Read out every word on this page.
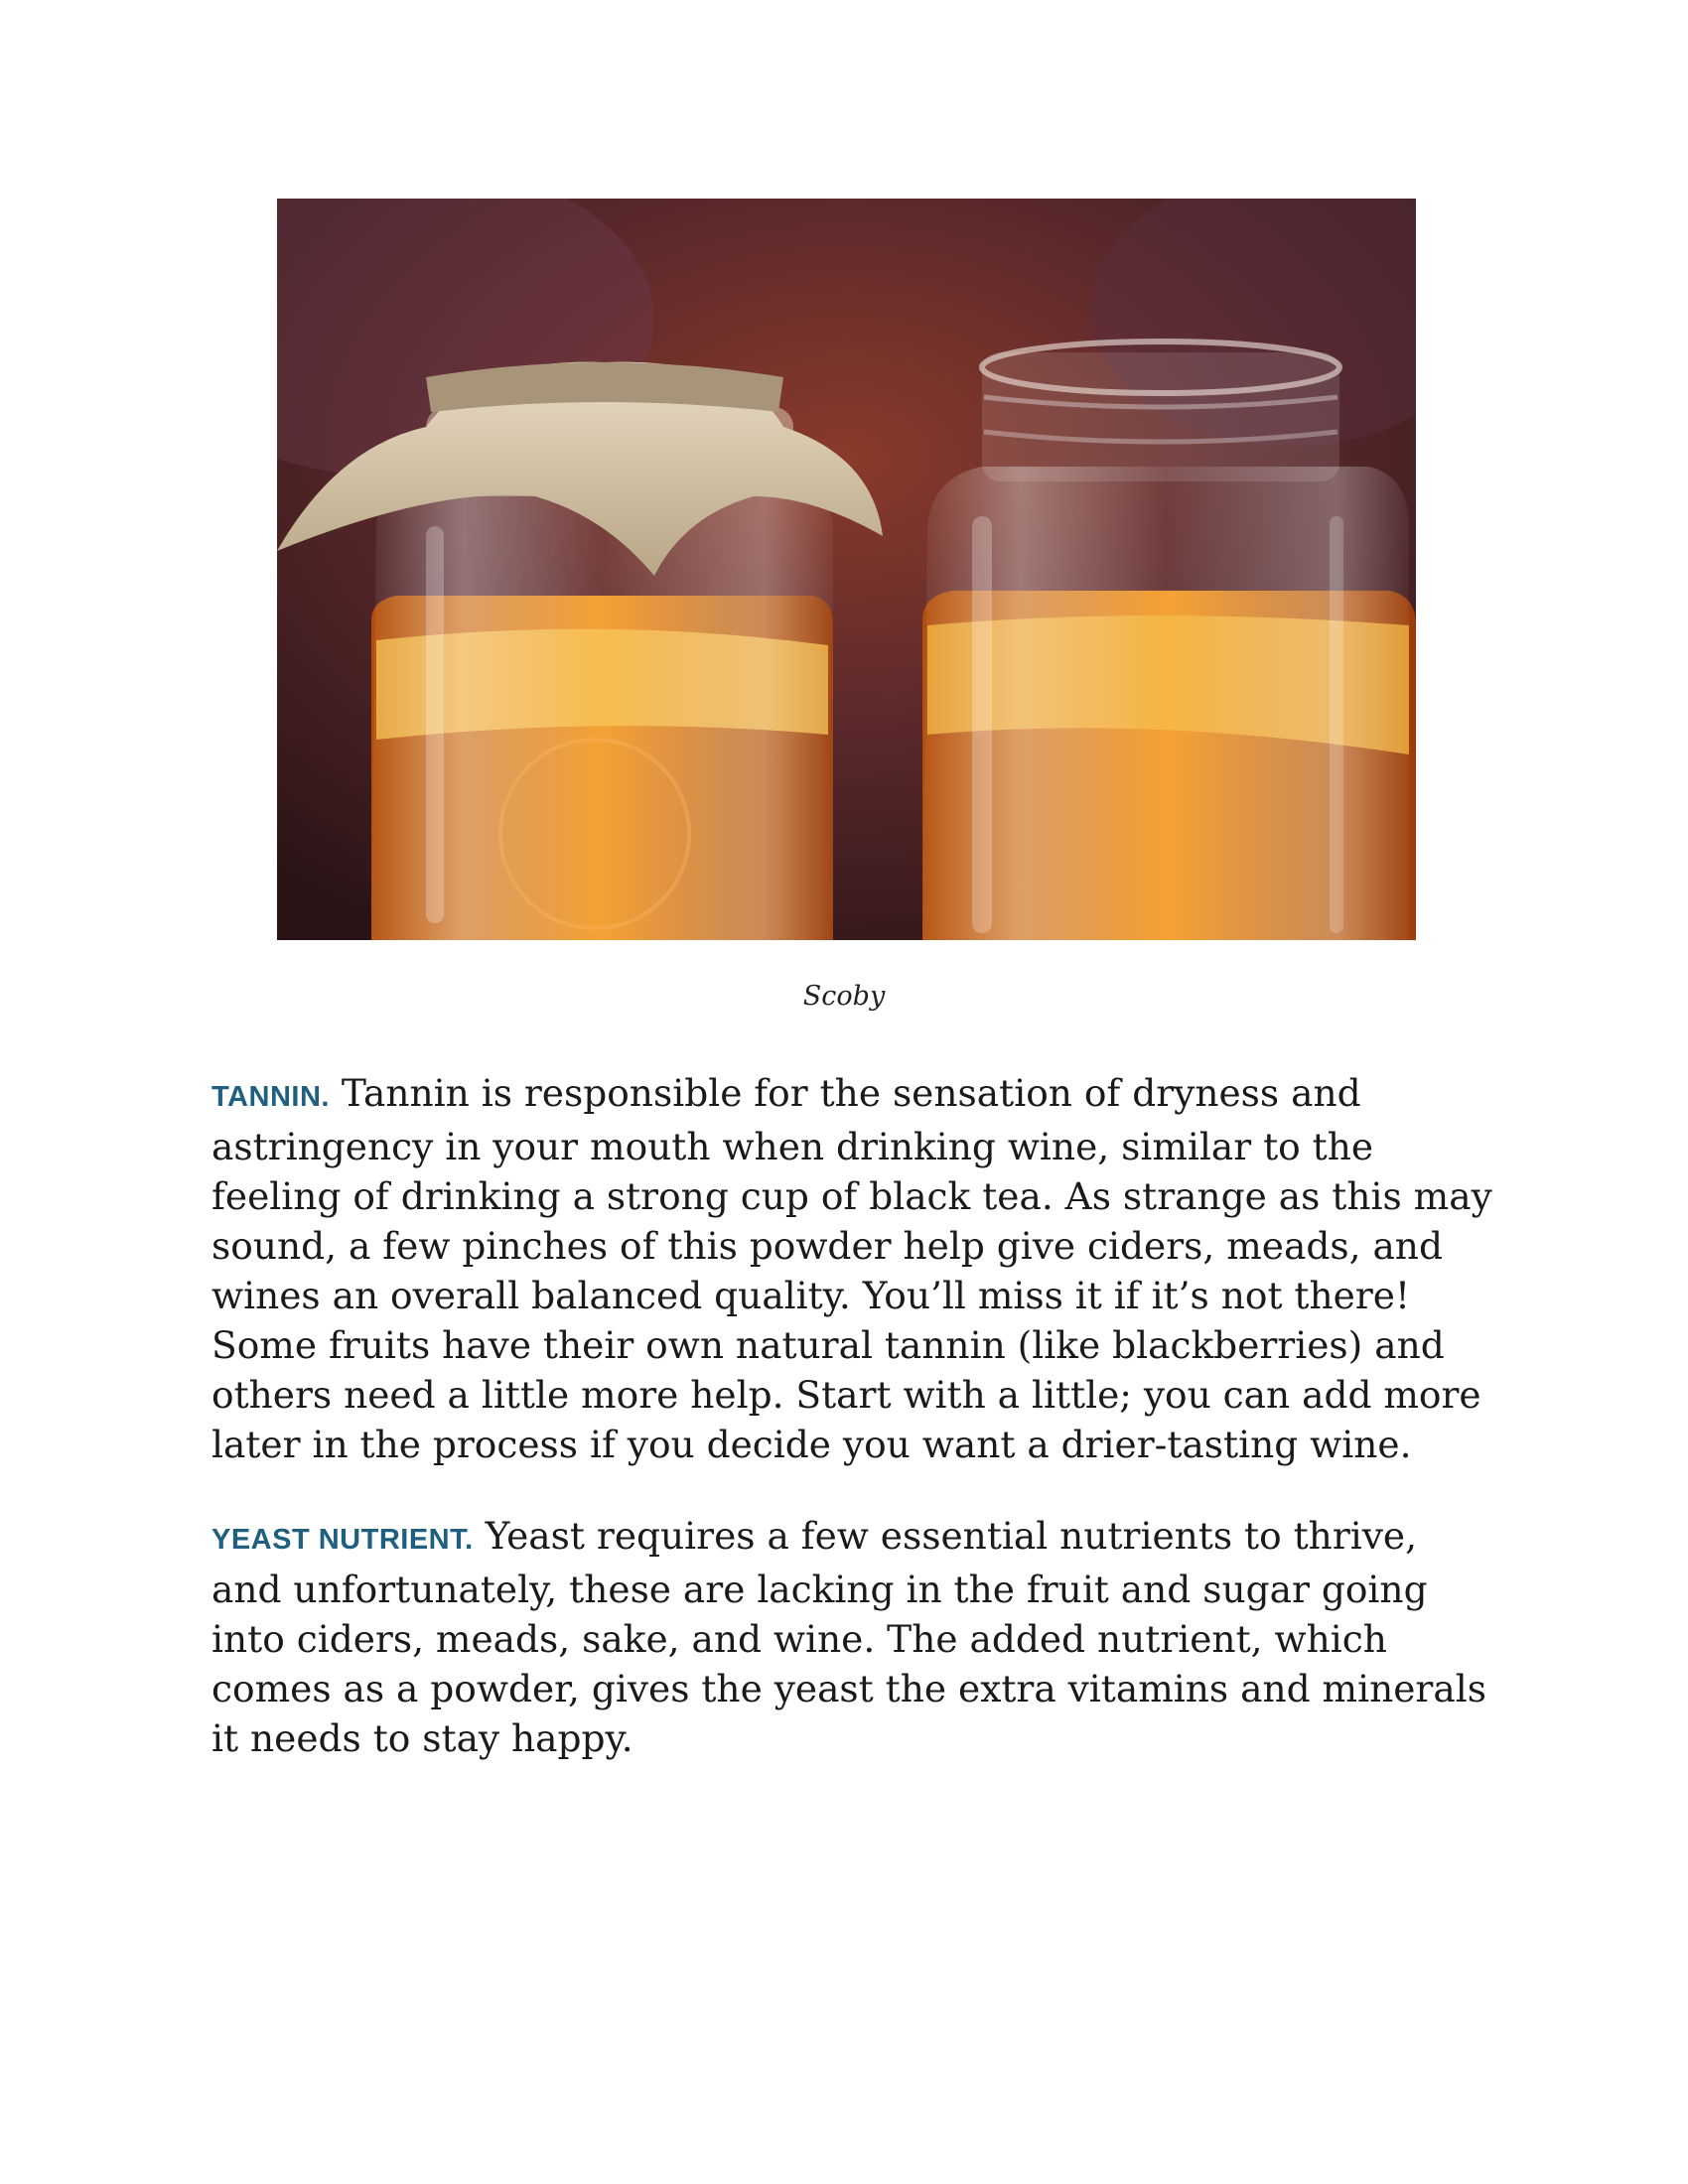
Scoby

TANNIN. Tannin is responsible for the sensation of dryness and astringency in your mouth when drinking wine, similar to the feeling of drinking a strong cup of black tea. As strange as this may sound, a few pinches of this powder help give ciders, meads, and wines an overall balanced quality. You’ll miss it if it’s not there! Some fruits have their own natural tannin (like blackberries) and others need a little more help. Start with a little; you can add more later in the process if you decide you want a drier-tasting wine.

YEAST NUTRIENT. Yeast requires a few essential nutrients to thrive, and unfortunately, these are lacking in the fruit and sugar going into ciders, meads, sake, and wine. The added nutrient, which comes as a powder, gives the yeast the extra vitamins and minerals it needs to stay happy.
